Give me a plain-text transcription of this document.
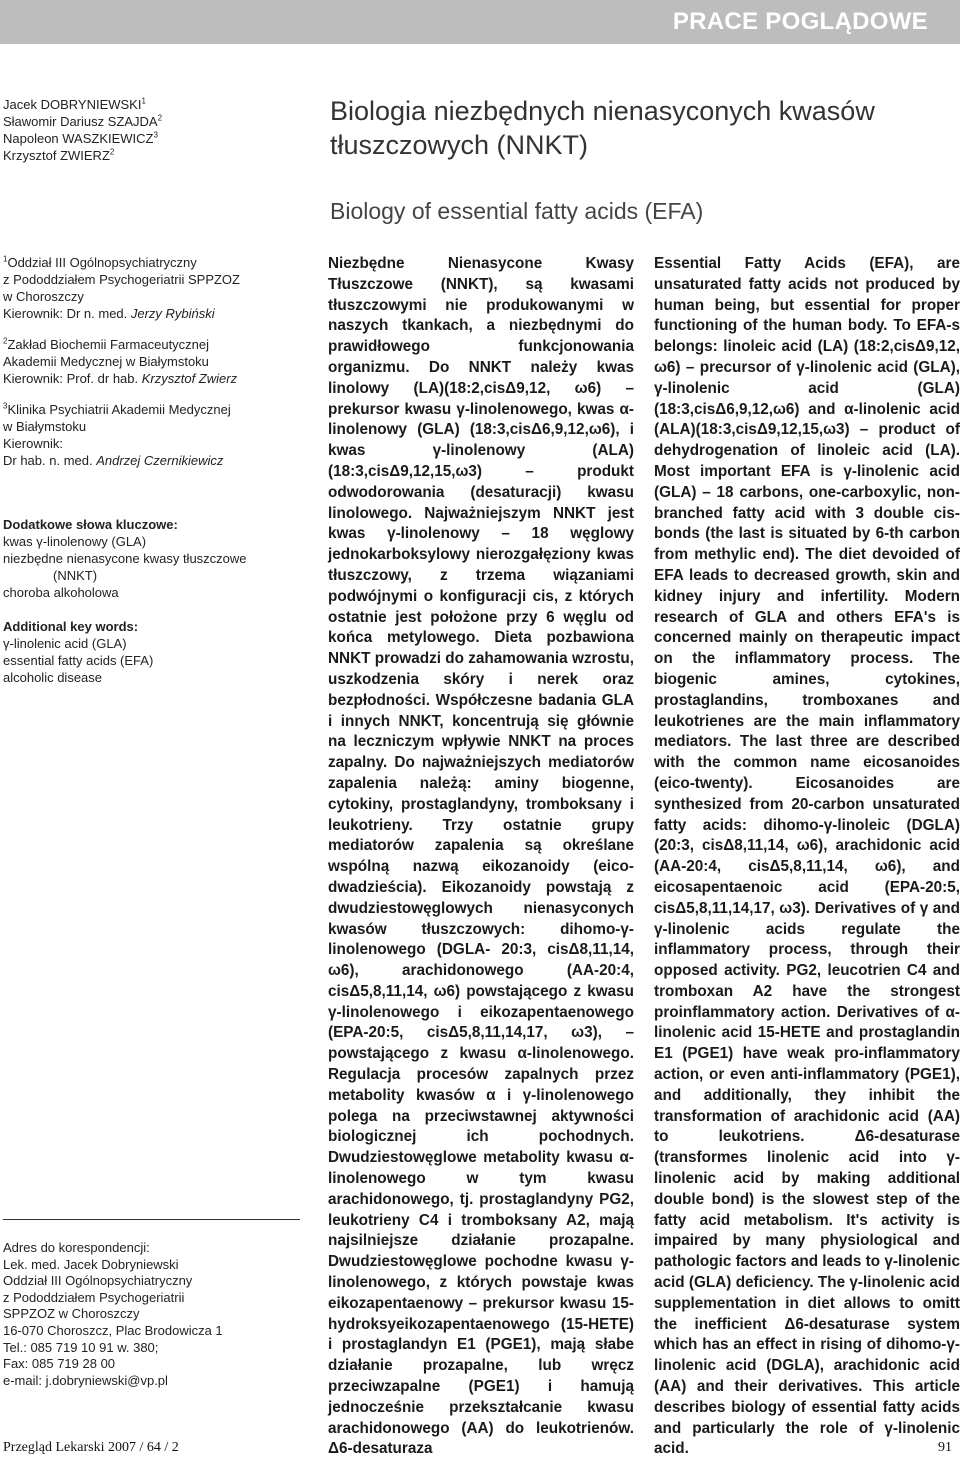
PRACE POGLĄDOWE
Jacek DOBRYNIEWSKI$^1$
Sławomir Dariusz SZAJDA$^2$
Napoleon WASZKIEWICZ$^3$
Krzysztof ZWIERZ$^2$
Biologia niezbędnych nienasyconych kwasów tłuszczowych (NNKT)
Biology of essential fatty acids (EFA)
$^1$Oddział III Ogólnopsychiatryczny
z Pododdziałem Psychogeriatrii SPPZOZ
w Choroszczy
Kierownik: Dr n. med. Jerzy Rybiński
$^2$Zakład Biochemii Farmaceutycznej
Akademii Medycznej w Białymstoku
Kierownik: Prof. dr hab. Krzysztof Zwierz
$^3$Klinika Psychiatrii Akademii Medycznej
w Białymstoku
Kierownik:
Dr hab. n. med. Andrzej Czernikiewicz
Dodatkowe słowa kluczowe:
kwas γ-linolenowy (GLA)
niezbędne nienasycone kwasy tłuszczowe
(NNKT)
choroba alkoholowa
Additional key words:
γ-linolenic acid (GLA)
essential fatty acids (EFA)
alcoholic disease
Adres do korespondencji:
Lek. med. Jacek Dobryniewski
Oddział III Ogólnopsychiatryczny
z Pododdziałem Psychogeriatrii
SPPZOZ w Choroszczy
16-070 Choroszcz, Plac Brodowicza 1
Tel.: 085 719 10 91 w. 380;
Fax: 085 719 28 00
e-mail: j.dobryniewski@vp.pl
Niezbędne Nienasycone Kwasy Tłuszczowe (NNKT), są kwasami tłuszczowymi nie produkowanymi w naszych tkankach, a niezbędnymi do prawidłowego funkcjonowania organizmu. Do NNKT należy kwas linolowy (LA)(18:2,cisΔ9,12, ω6) – prekursor kwasu γ-linolenowego, kwas α-linolenowy (GLA) (18:3,cisΔ6,9,12,ω6), i kwas γ-linolenowy (ALA) (18:3,cisΔ9,12,15,ω3) – produkt odwodorowania (desaturacji) kwasu linolowego. Najważniejszym NNKT jest kwas γ-linolenowy – 18 węglowy jednokarboksylowy nierozgałęziony kwas tłuszczowy, z trzema wiązaniami podwójnymi o konfiguracji cis, z których ostatnie jest położone przy 6 węglu od końca metylowego. Dieta pozbawiona NNKT prowadzi do zahamowania wzrostu, uszkodzenia skóry i nerek oraz bezpłodności. Współczesne badania GLA i innych NNKT, koncentrują się głównie na leczniczym wpływie NNKT na proces zapalny. Do najważniejszych mediatorów zapalenia należą: aminy biogenne, cytokiny, prostaglandyny, tromboksany i leukotrieny. Trzy ostatnie grupy mediatorów zapalenia są określane wspólną nazwą eikozanoidy (eico-dwadzieścia). Eikozanoidy powstają z dwudziestowęglowych nienasyconych kwasów tłuszczowych: dihomo-γ-linolenowego (DGLA- 20:3, cisΔ8,11,14, ω6), arachidonowego (AA-20:4, cisΔ5,8,11,14, ω6) powstającego z kwasu γ-linolenowego i eikozapentaenowego (EPA-20:5, cisΔ5,8,11,14,17, ω3), – powstającego z kwasu α-linolenowego. Regulacja procesów zapalnych przez metabolity kwasów α i γ-linolenowego polega na przeciwstawnej aktywności biologicznej ich pochodnych. Dwudziestowęglowe metabolity kwasu α-linolenowego w tym kwasu arachidonowego, tj. prostaglandyny PG2, leukotrieny C4 i tromboksany A2, mają najsilniejsze działanie prozapalne. Dwudziestowęglowe pochodne kwasu γ-linolenowego, z których powstaje kwas eikozapentaenowy – prekursor kwasu 15-hydroksyeikozapentaenowego (15-HETE) i prostaglandyn E1 (PGE1), mają słabe działanie prozapalne, lub wręcz przeciwzapalne (PGE1) i hamują jednocześnie przekształcanie kwasu arachidonowego (AA) do leukotrienów. Δ6-desaturaza
Essential Fatty Acids (EFA), are unsaturated fatty acids not produced by human being, but essential for proper functioning of the human body. To EFA-s belongs: linoleic acid (LA) (18:2,cisΔ9,12, ω6) – precursor of γ-linolenic acid (GLA), γ-linolenic acid (GLA) (18:3,cisΔ6,9,12,ω6) and α-linolenic acid (ALA)(18:3,cisΔ9,12,15,ω3) – product of dehydrogenation of linoleic acid (LA). Most important EFA is γ-linolenic acid (GLA) – 18 carbons, one-carboxylic, non-branched fatty acid with 3 double cis-bonds (the last is situated by 6-th carbon from methylic end). The diet devoided of EFA leads to decreased growth, skin and kidney injury and infertility. Modern research of GLA and others EFA's is concerned mainly on therapeutic impact on the inflammatory process. The biogenic amines, cytokines, prostaglandins, tromboxanes and leukotrienes are the main inflammatory mediators. The last three are described with the common name eicosanoides (eico-twenty). Eicosanoides are synthesized from 20-carbon unsaturated fatty acids: dihomo-γ-linoleic (DGLA) (20:3, cisΔ8,11,14, ω6), arachidonic acid (AA-20:4, cisΔ5,8,11,14, ω6), and eicosapentaenoic acid (EPA-20:5, cisΔ5,8,11,14,17, ω3). Derivatives of γ and γ-linolenic acids regulate the inflammatory process, through their opposed activity. PG2, leucotrien C4 and tromboxan A2 have the strongest proinflammatory action. Derivatives of α-linolenic acid 15-HETE and prostaglandin E1 (PGE1) have weak pro-inflammatory action, or even anti-inflammatory (PGE1), and additionally, they inhibit the transformation of arachidonic acid (AA) to leukotriens. Δ6-desaturase (transformes linolenic acid into γ-linolenic acid by making additional double bond) is the slowest step of the fatty acid metabolism. It's activity is impaired by many physiological and pathologic factors and leads to γ-linolenic acid (GLA) deficiency. The γ-linolenic acid supplementation in diet allows to omitt the inefficient Δ6-desaturase system which has an effect in rising of dihomo-γ-linolenic acid (DGLA), arachidonic acid (AA) and their derivatives. This article describes biology of essential fatty acids and particularly the role of γ-linolenic acid.
Przegląd Lekarski 2007 / 64 / 2	91
